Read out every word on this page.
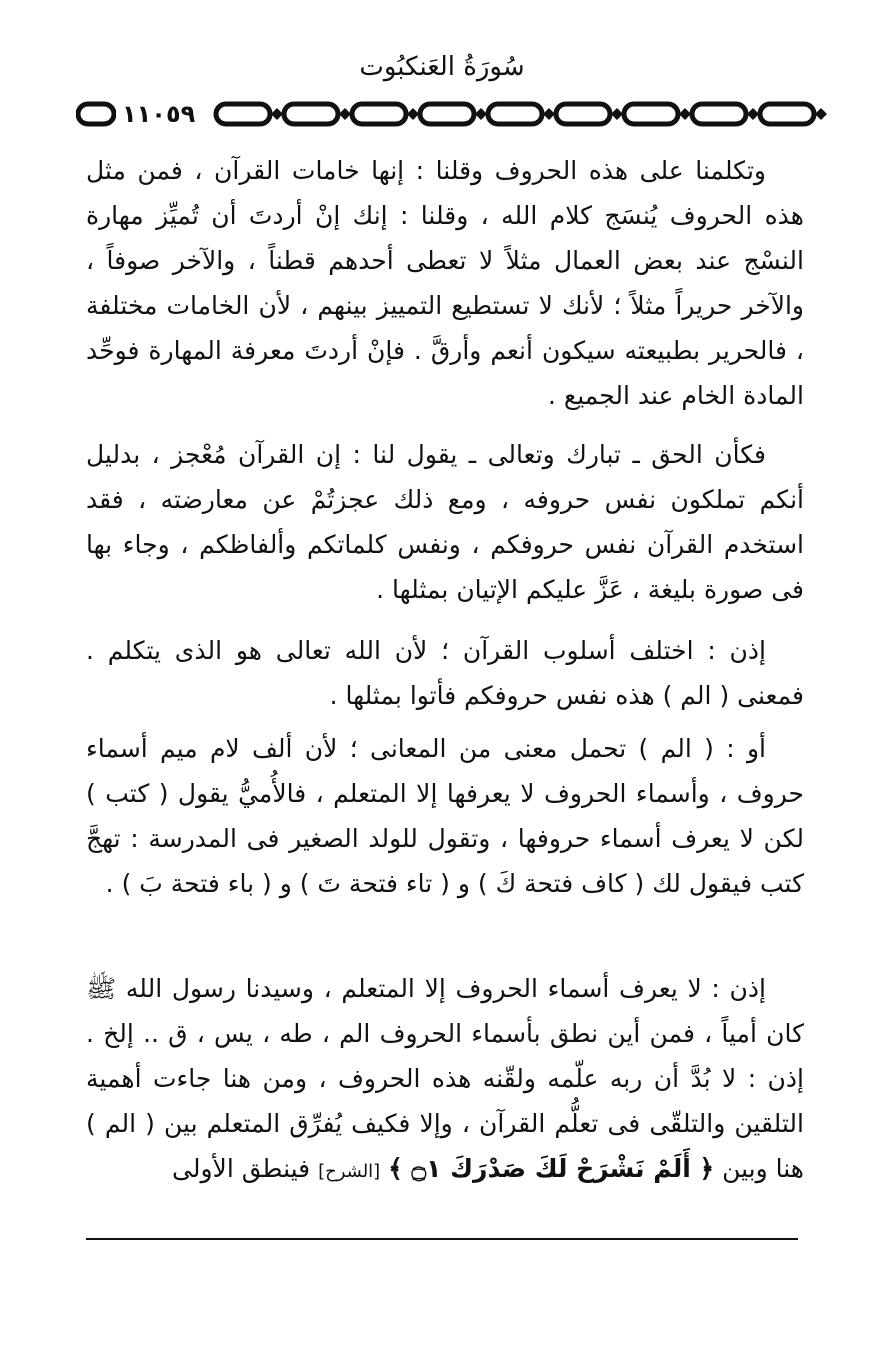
سُورَةُ العَنكبُوت
١١٠٥٩

وتكلمنا على هذه الحروف وقلنا : إنها خامات القرآن ، فمن مثل هذه الحروف يُنسَج كلام الله ، وقلنا : إنك إنْ أردتَ أن تُميِّز مهارة النسْج عند بعض العمال مثلاً لا تعطى أحدهم قطناً ، والآخر صوفاً ، والآخر حريراً مثلاً ؛ لأنك لا تستطيع التمييز بينهم ، لأن الخامات مختلفة ، فالحرير بطبيعته سيكون أنعم وأرقَّ . فإنْ أردتَ معرفة المهارة فوحِّد المادة الخام عند الجميع .

فكأن الحق ـ تبارك وتعالى ـ يقول لنا : إن القرآن مُعْجز ، بدليل أنكم تملكون نفس حروفه ، ومع ذلك عجزتُمْ عن معارضته ، فقد استخدم القرآن نفس حروفكم ، ونفس كلماتكم وألفاظكم ، وجاء بها فى صورة بليغة ، عَزَّ عليكم الإتيان بمثلها .

إذن : اختلف أسلوب القرآن ؛ لأن الله تعالى هو الذى يتكلم . فمعنى ( الم ) هذه نفس حروفكم فأتوا بمثلها .

أو : ( الم ) تحمل معنى من المعانى ؛ لأن ألف لام ميم أسماء حروف ، وأسماء الحروف لا يعرفها إلا المتعلم ، فالأُميُّ يقول ( كتب ) لكن لا يعرف أسماء حروفها ، وتقول للولد الصغير فى المدرسة : تهجَّ كتب فيقول لك ( كاف فتحة كَ ) و ( تاء فتحة تَ ) و ( باء فتحة بَ ) .

إذن : لا يعرف أسماء الحروف إلا المتعلم ، وسيدنا رسول الله ﷺ كان أمياً ، فمن أين نطق بأسماء الحروف الم ، طه ، يس ، ق .. إلخ . إذن : لا بُدَّ أن ربه علّمه ولقّنه هذه الحروف ، ومن هنا جاءت أهمية التلقين والتلقّى فى تعلُّم القرآن ، وإلا فكيف يُفرِّق المتعلم بين ( الم ) هنا وبين ﴿ أَلَمْ نَشْرَحْ لَكَ صَدْرَكَ ۝١ ﴾ [الشرح] فينطق الأولى
